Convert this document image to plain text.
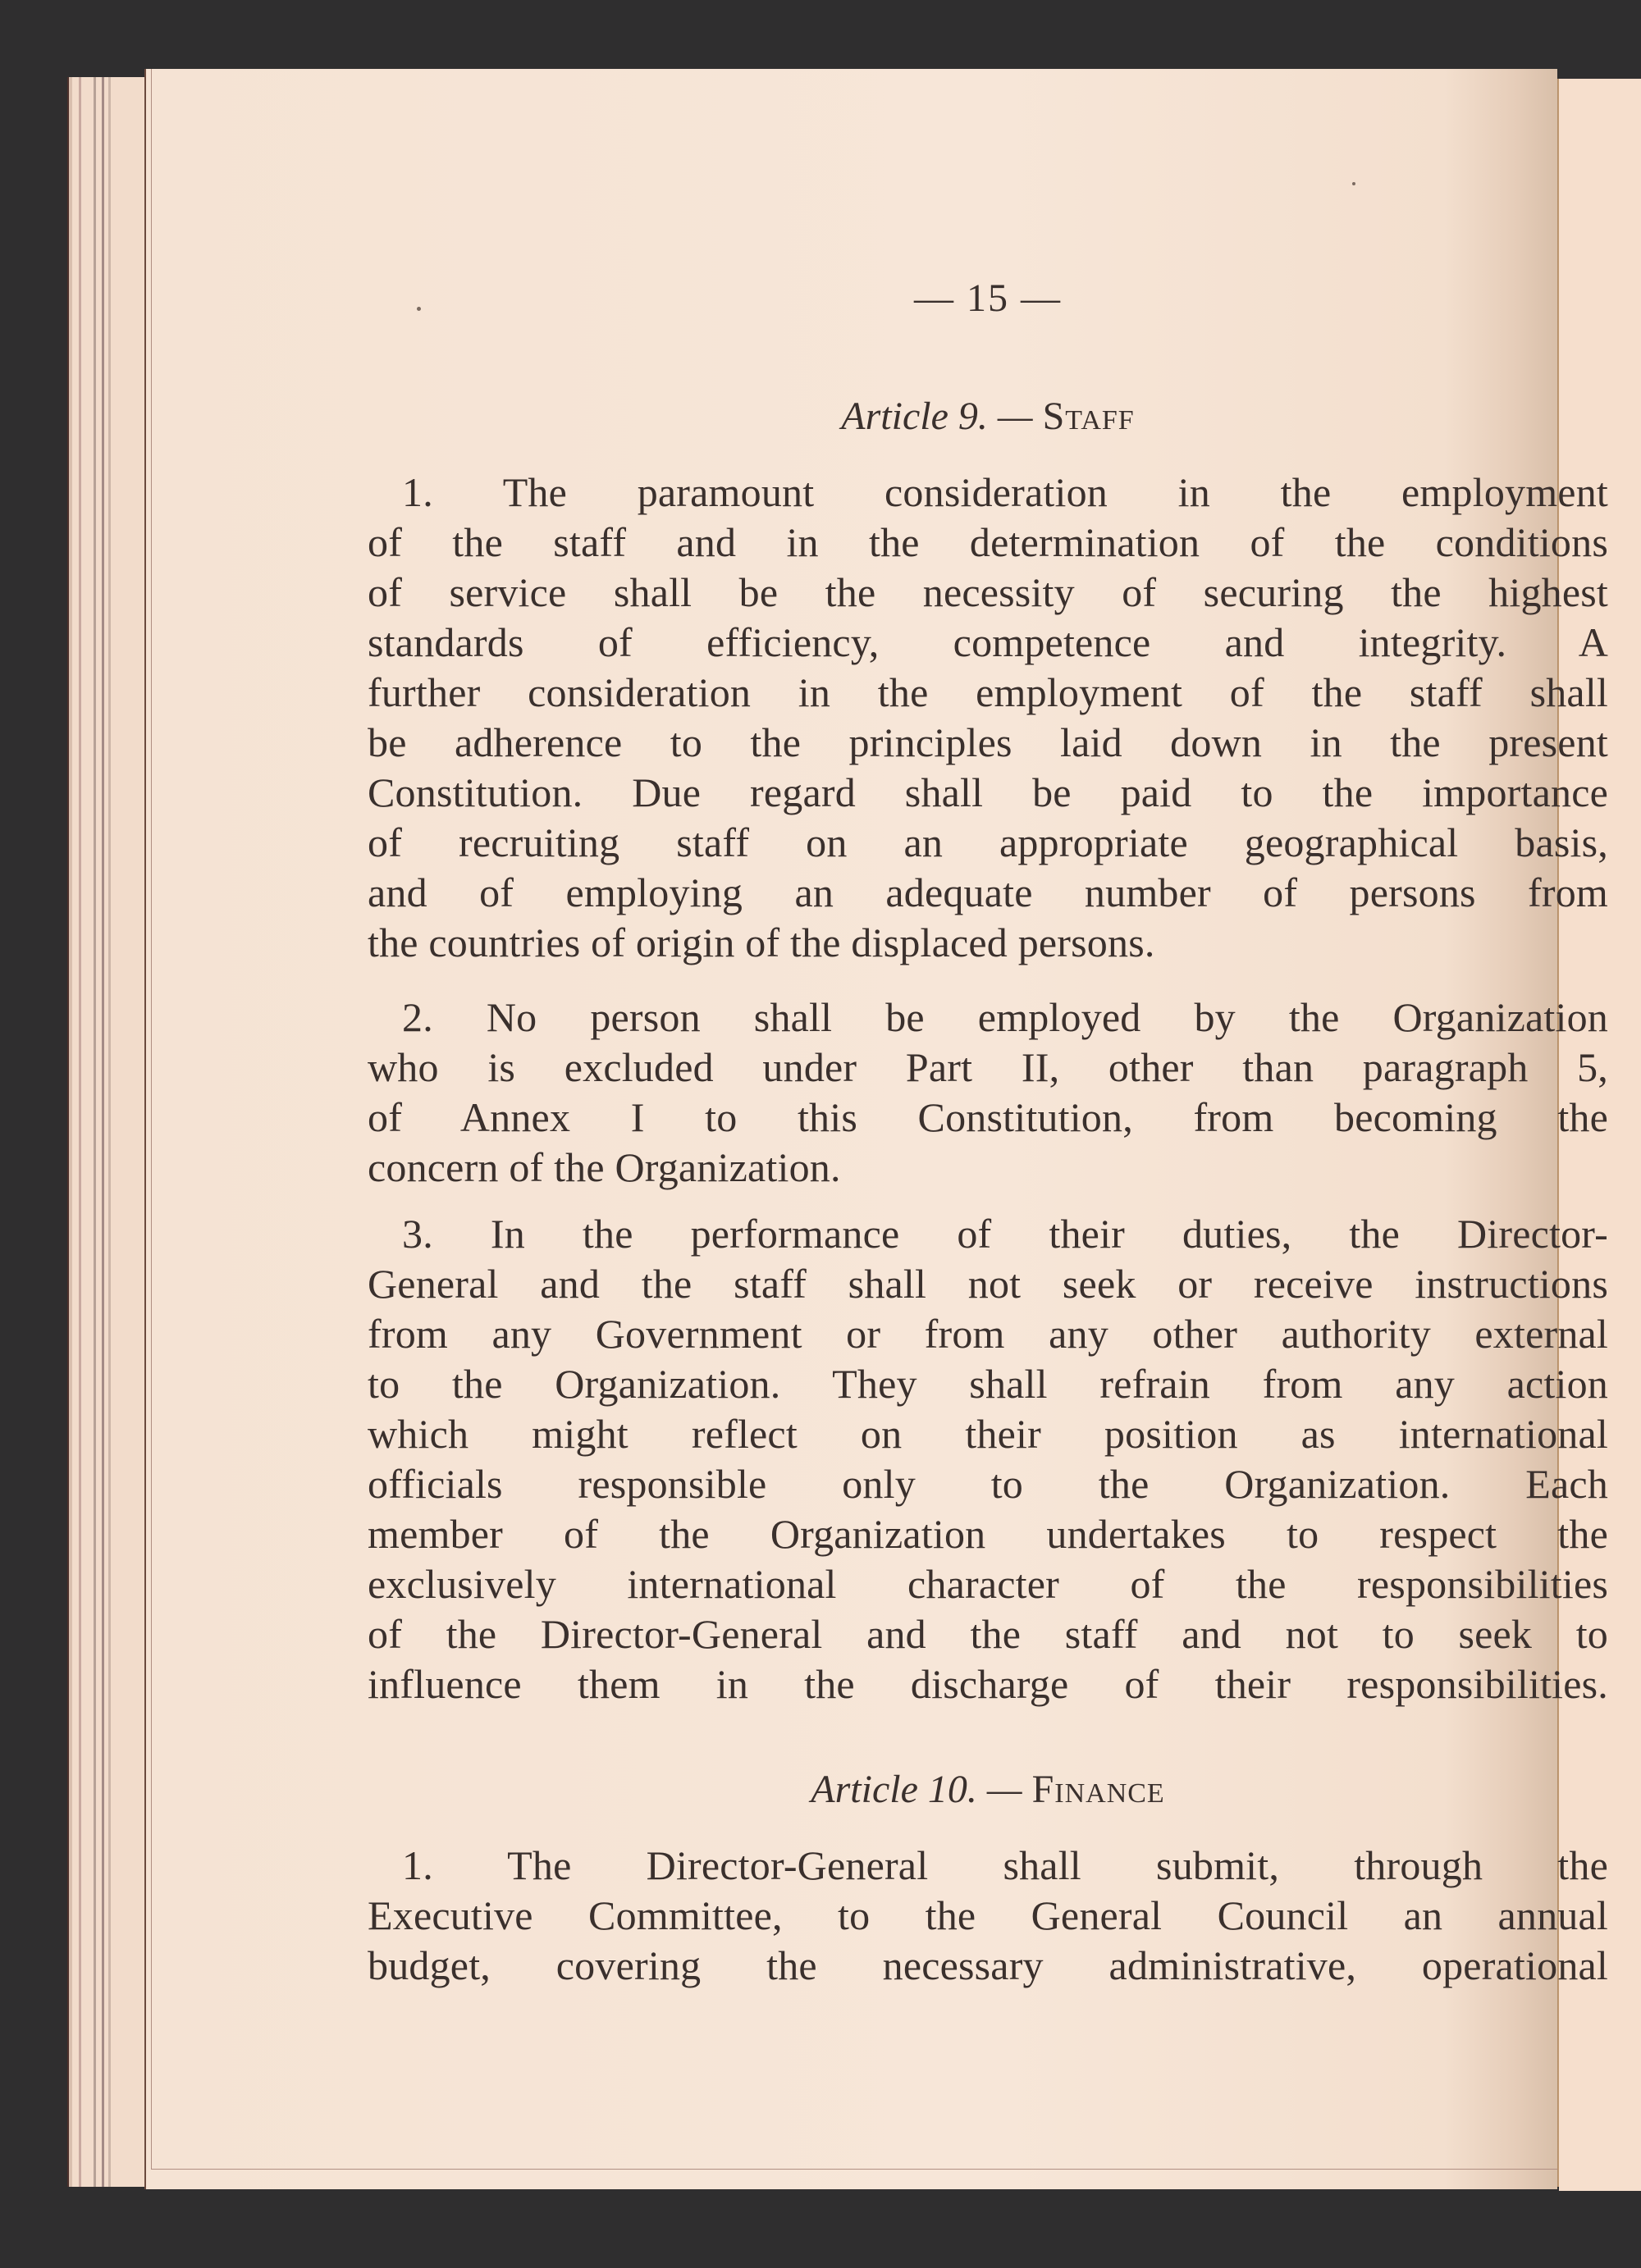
— 15 —
Article 9. — Staff
1. The paramount consideration in the employment
of the staff and in the determination of the conditions
of service shall be the necessity of securing the highest
standards of efficiency, competence and integrity. A
further consideration in the employment of the staff shall
be adherence to the principles laid down in the present
Constitution. Due regard shall be paid to the importance
of recruiting staff on an appropriate geographical basis,
and of employing an adequate number of persons from
the countries of origin of the displaced persons.
2. No person shall be employed by the Organization
who is excluded under Part II, other than paragraph 5,
of Annex I to this Constitution, from becoming the
concern of the Organization.
3. In the performance of their duties, the Director-
General and the staff shall not seek or receive instructions
from any Government or from any other authority external
to the Organization. They shall refrain from any action
which might reflect on their position as international
officials responsible only to the Organization. Each
member of the Organization undertakes to respect the
exclusively international character of the responsibilities
of the Director-General and the staff and not to seek to
influence them in the discharge of their responsibilities.
Article 10. — Finance
1. The Director-General shall submit, through the
Executive Committee, to the General Council an annual
budget, covering the necessary administrative, operational
